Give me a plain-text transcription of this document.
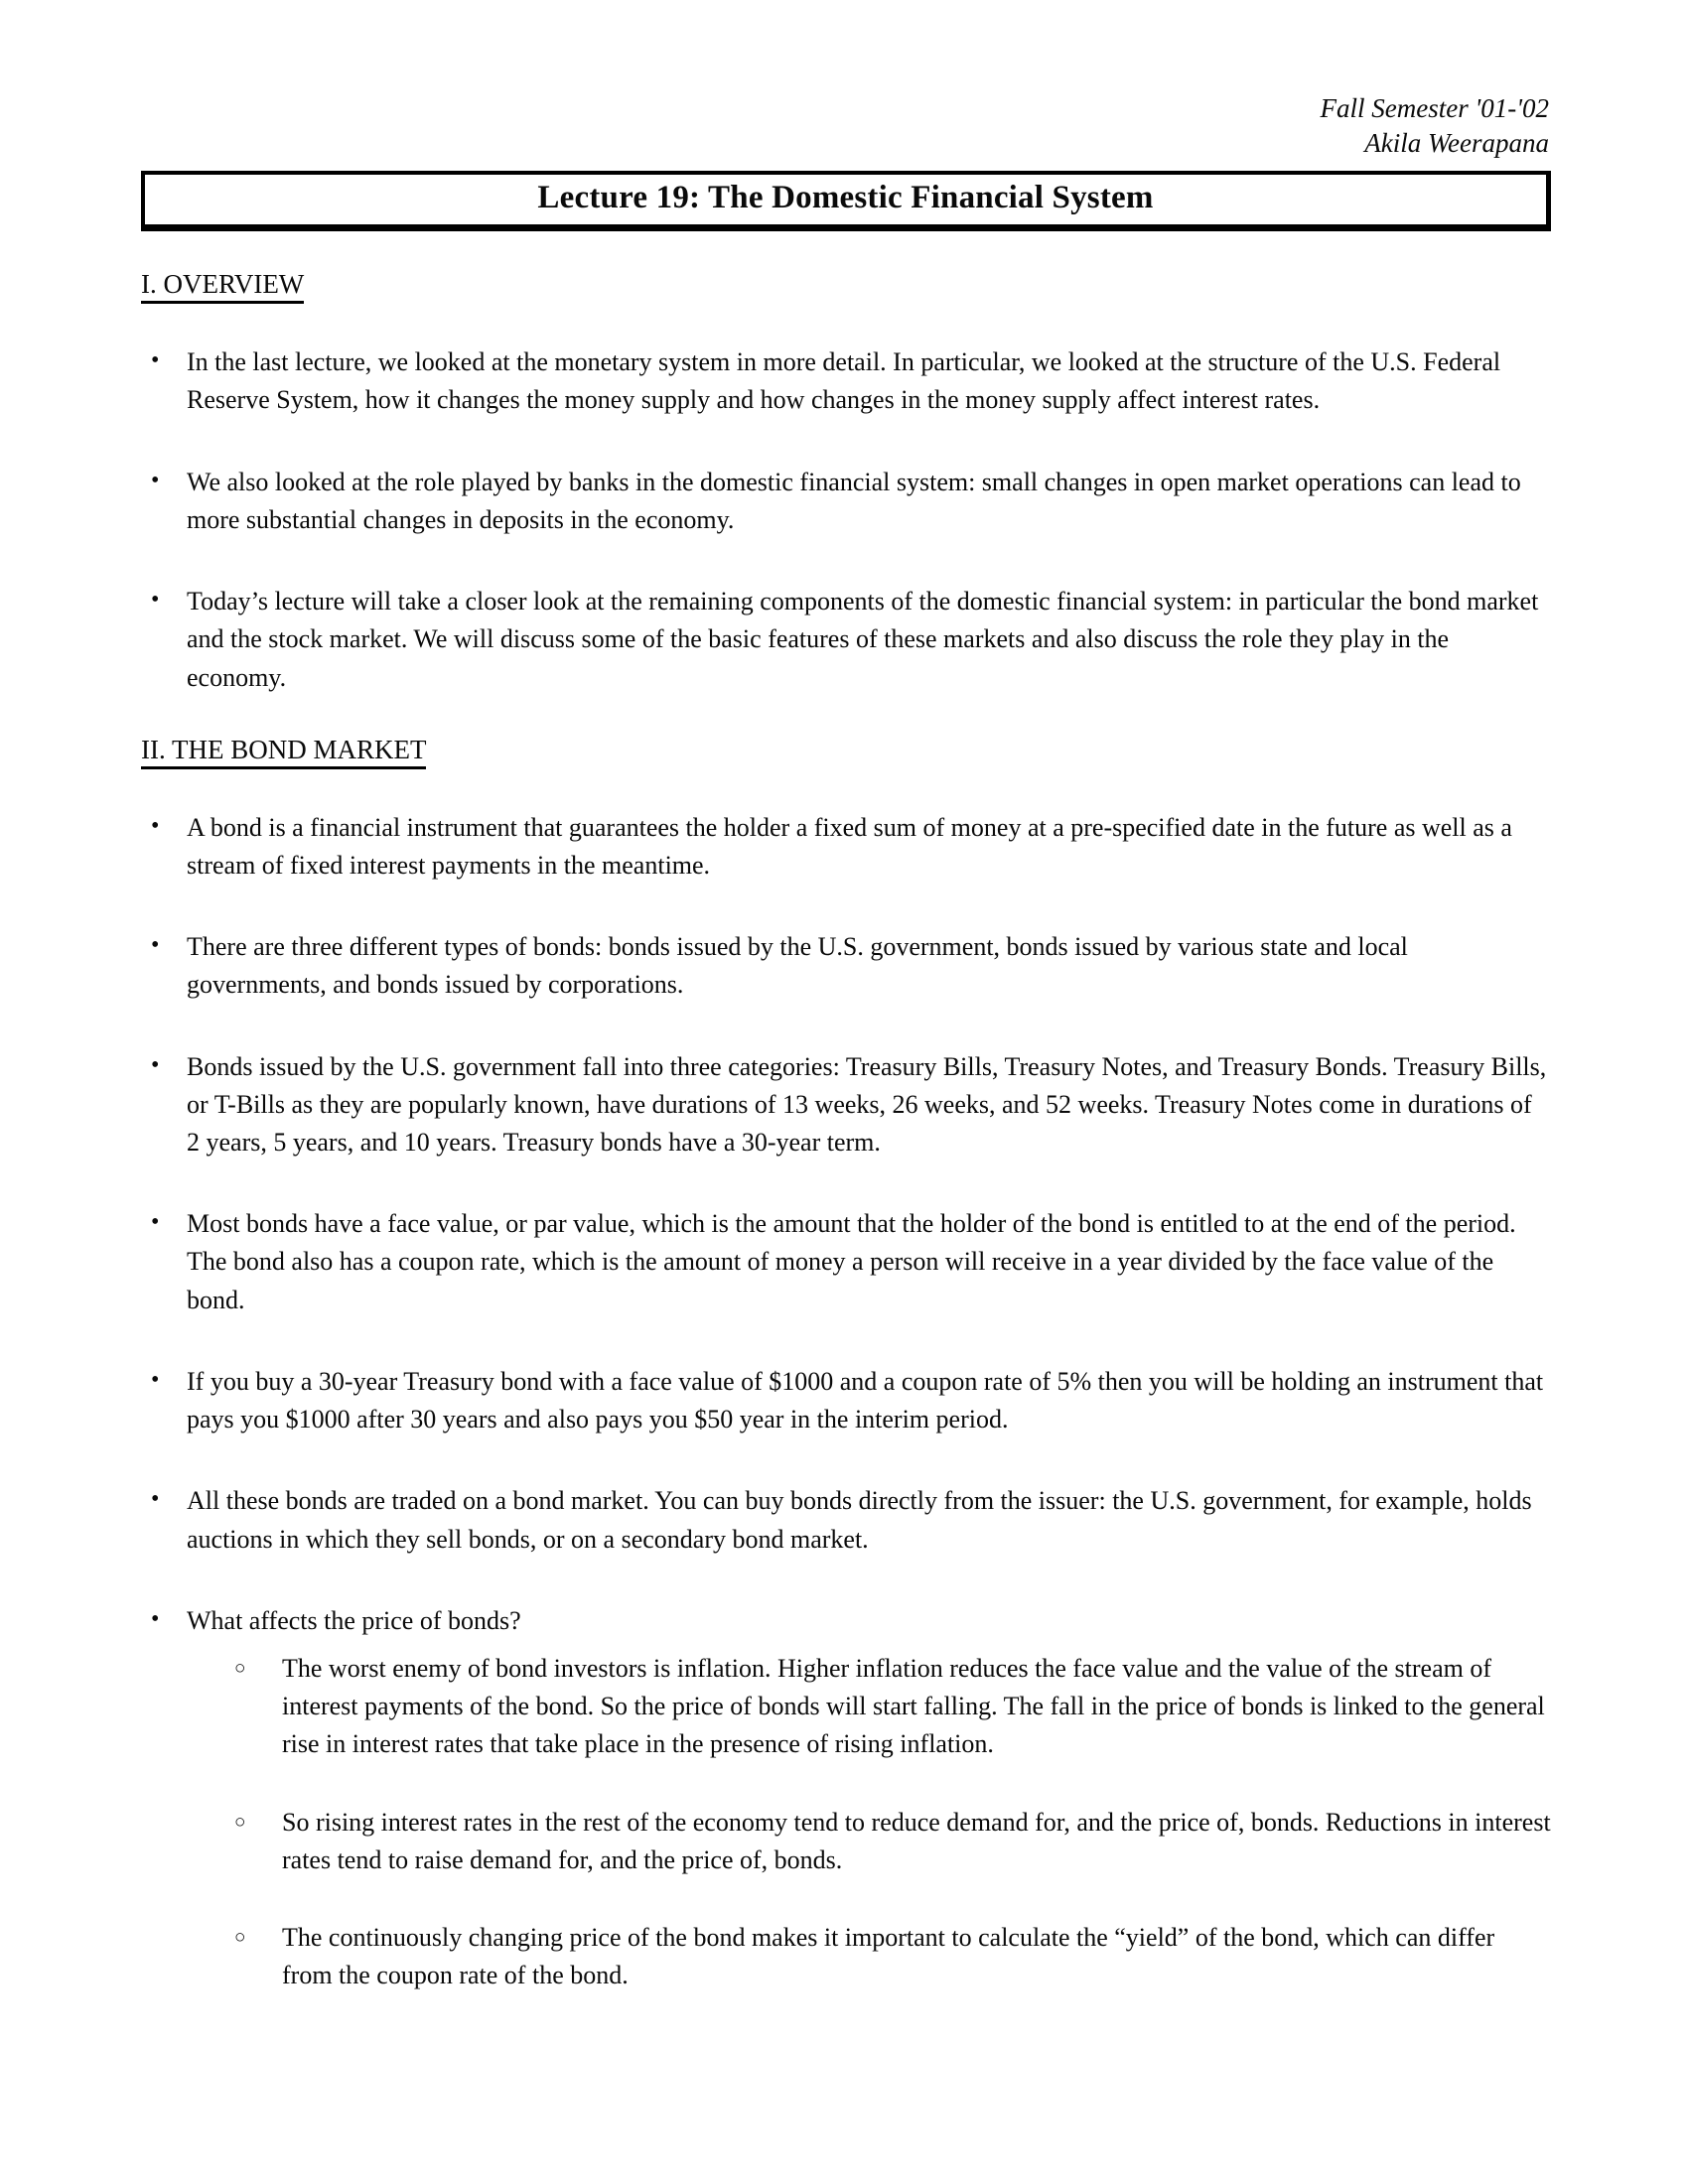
Fall Semester '01-'02
Akila Weerapana
Lecture 19: The Domestic Financial System
I. OVERVIEW
•	In the last lecture, we looked at the monetary system in more detail. In particular, we looked at the structure of the U.S. Federal Reserve System, how it changes the money supply and how changes in the money supply affect interest rates.
•	We also looked at the role played by banks in the domestic financial system: small changes in open market operations can lead to more substantial changes in deposits in the economy.
•	Today’s lecture will take a closer look at the remaining components of the domestic financial system: in particular the bond market and the stock market. We will discuss some of the basic features of these markets and also discuss the role they play in the economy.
II. THE BOND MARKET
•	A bond is a financial instrument that guarantees the holder a fixed sum of money at a pre-specified date in the future as well as a stream of fixed interest payments in the meantime.
•	There are three different types of bonds: bonds issued by the U.S. government, bonds issued by various state and local governments, and bonds issued by corporations.
•	Bonds issued by the U.S. government fall into three categories: Treasury Bills, Treasury Notes, and Treasury Bonds. Treasury Bills, or T-Bills as they are popularly known, have durations of 13 weeks, 26 weeks, and 52 weeks. Treasury Notes come in durations of 2 years, 5 years, and 10 years. Treasury bonds have a 30-year term.
•	Most bonds have a face value, or par value, which is the amount that the holder of the bond is entitled to at the end of the period. The bond also has a coupon rate, which is the amount of money a person will receive in a year divided by the face value of the bond.
•	If you buy a 30-year Treasury bond with a face value of $1000 and a coupon rate of 5% then you will be holding an instrument that pays you $1000 after 30 years and also pays you $50 year in the interim period.
•	All these bonds are traded on a bond market. You can buy bonds directly from the issuer: the U.S. government, for example, holds auctions in which they sell bonds, or on a secondary bond market.
•	What affects the price of bonds?
○	The worst enemy of bond investors is inflation. Higher inflation reduces the face value and the value of the stream of interest payments of the bond. So the price of bonds will start falling. The fall in the price of bonds is linked to the general rise in interest rates that take place in the presence of rising inflation.
○	So rising interest rates in the rest of the economy tend to reduce demand for, and the price of, bonds. Reductions in interest rates tend to raise demand for, and the price of, bonds.
○	The continuously changing price of the bond makes it important to calculate the “yield” of the bond, which can differ from the coupon rate of the bond.
